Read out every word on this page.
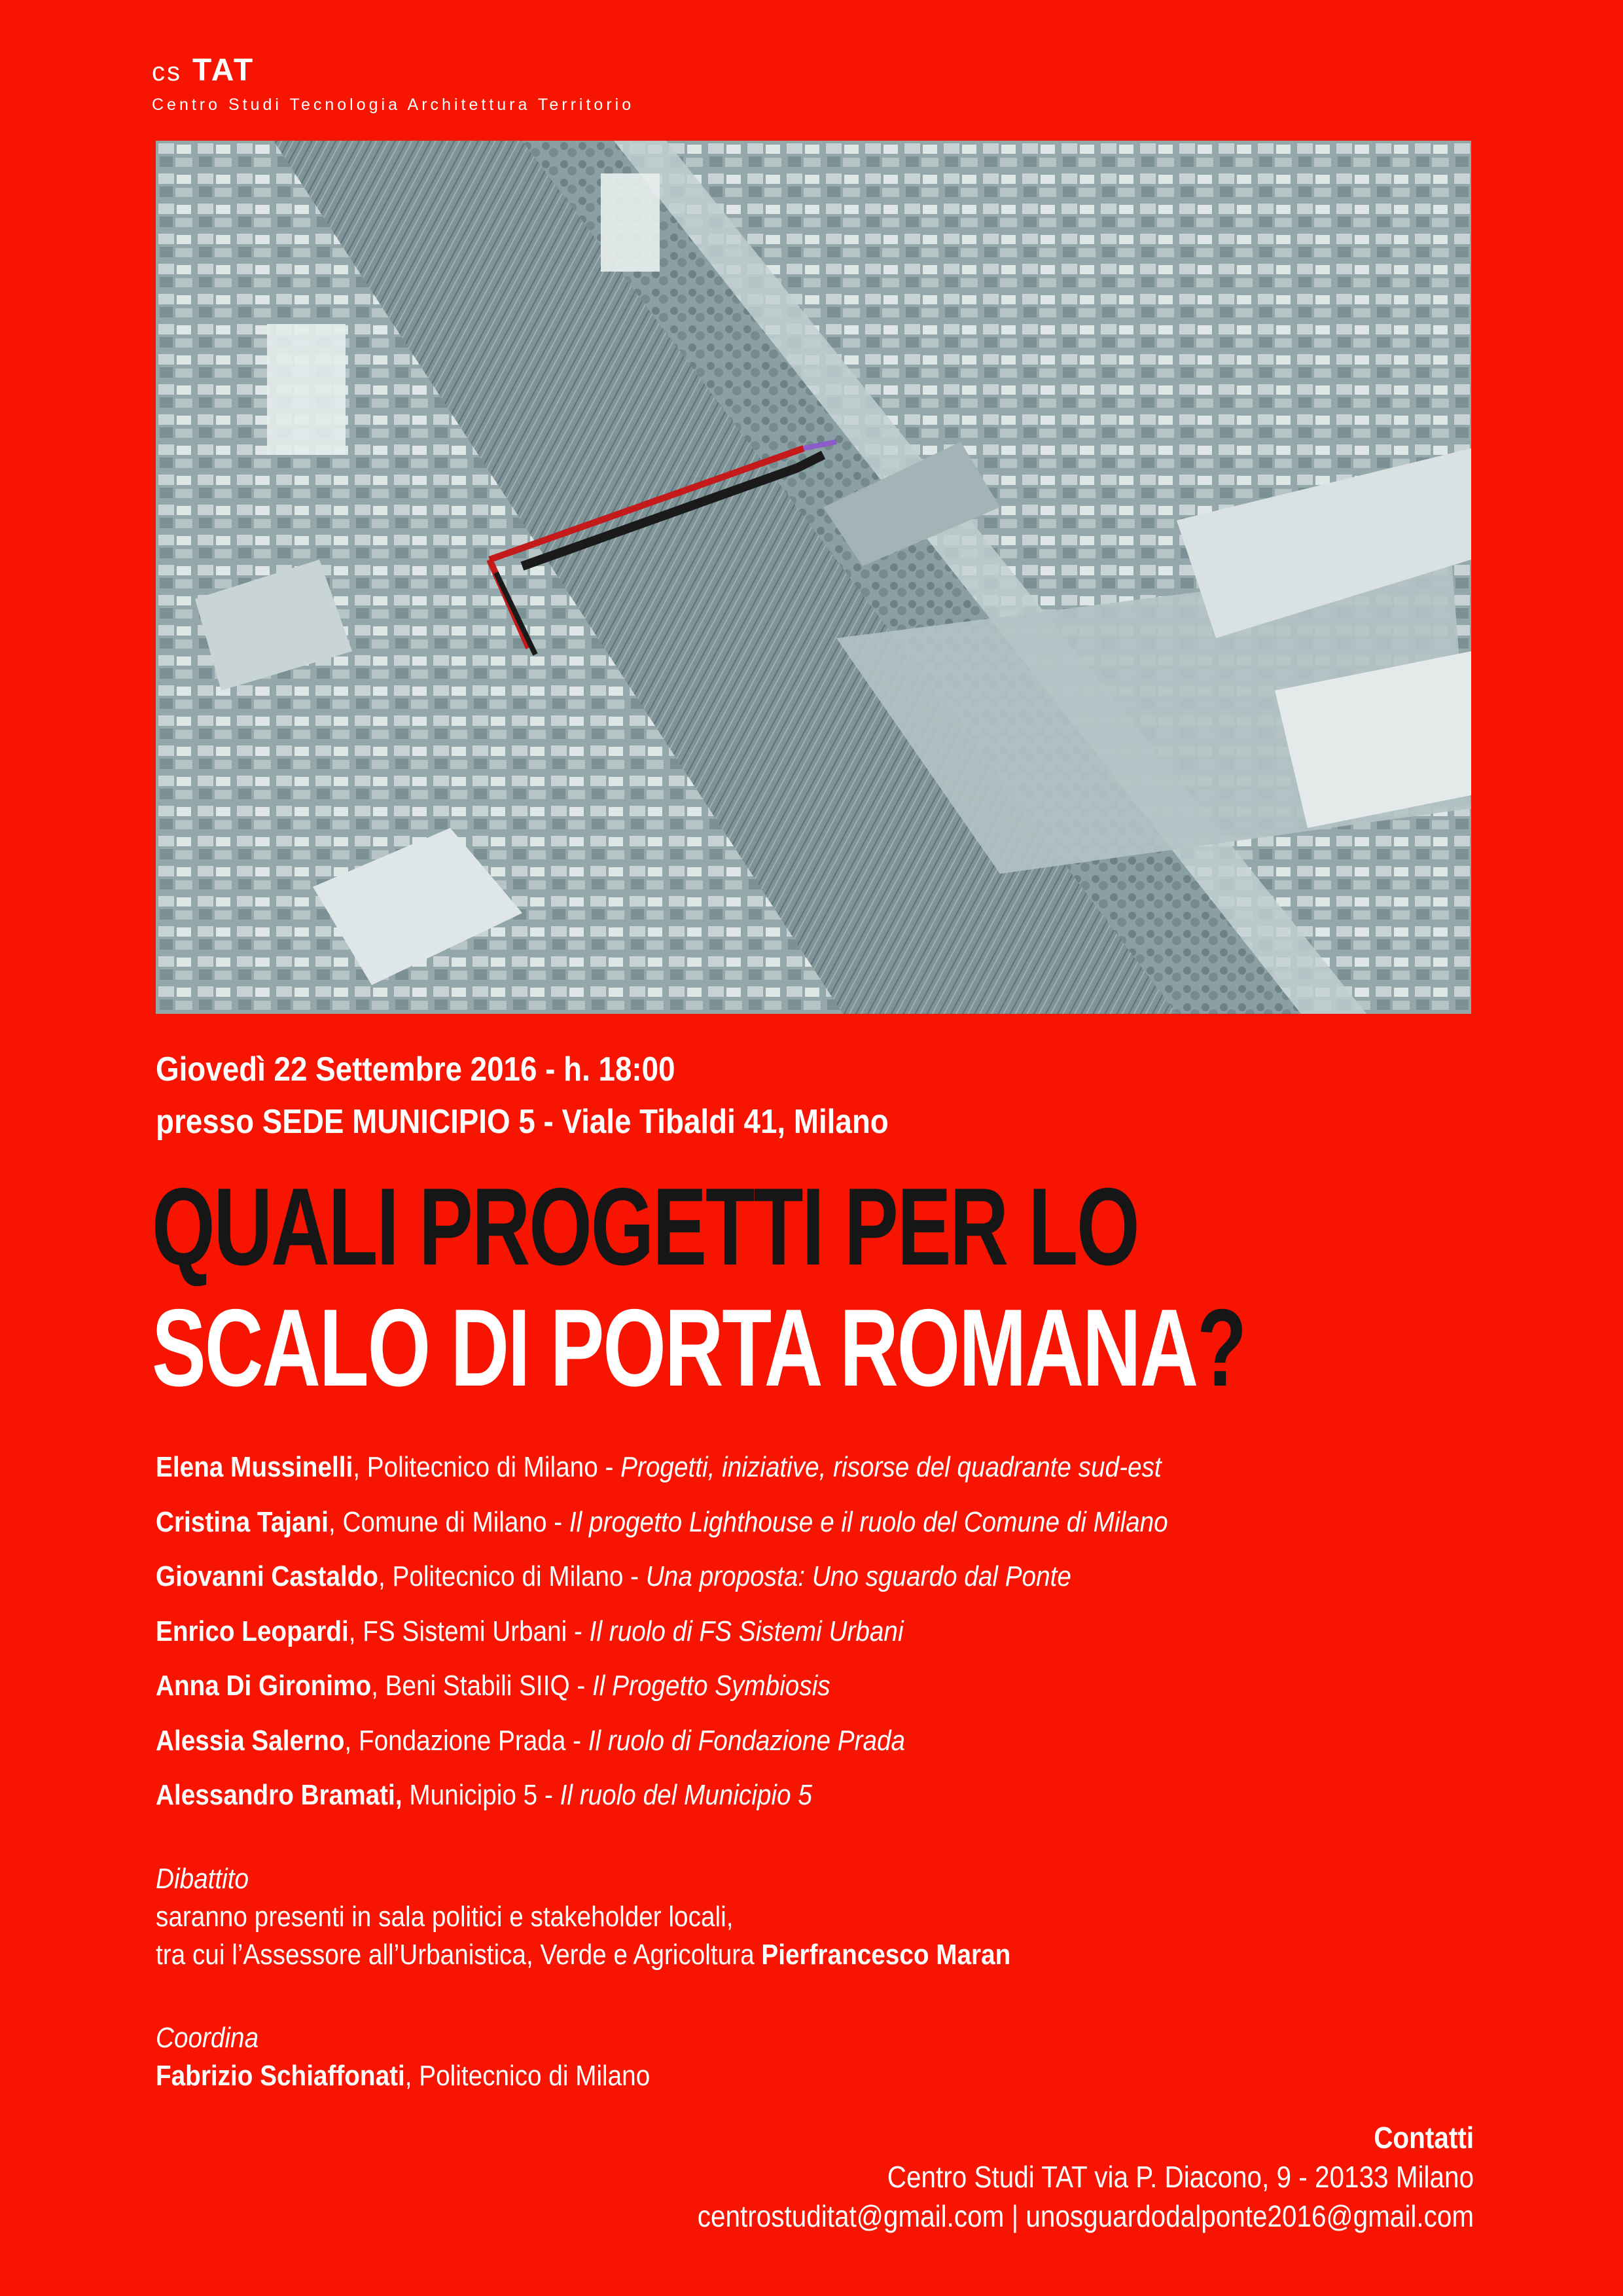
cs TAT
Centro Studi Tecnologia Architettura Territorio
Giovedì 22 Settembre 2016 - h. 18:00
presso SEDE MUNICIPIO 5 - Viale Tibaldi 41, Milano
QUALI PROGETTI PER LO
SCALO DI PORTA ROMANA?
Elena Mussinelli, Politecnico di Milano - Progetti, iniziative, risorse del quadrante sud-est
Cristina Tajani, Comune di Milano - Il progetto Lighthouse e il ruolo del Comune di Milano
Giovanni Castaldo, Politecnico di Milano - Una proposta: Uno sguardo dal Ponte
Enrico Leopardi, FS Sistemi Urbani - Il ruolo di FS Sistemi Urbani
Anna Di Gironimo, Beni Stabili SIIQ - Il Progetto Symbiosis
Alessia Salerno, Fondazione Prada - Il ruolo di Fondazione Prada
Alessandro Bramati, Municipio 5 - Il ruolo del Municipio 5
Dibattito
saranno presenti in sala politici e stakeholder locali,
tra cui l’Assessore all’Urbanistica, Verde e Agricoltura Pierfrancesco Maran
Coordina
Fabrizio Schiaffonati, Politecnico di Milano
Contatti
Centro Studi TAT via P. Diacono, 9 - 20133 Milano
centrostuditat@gmail.com | unosguardodalponte2016@gmail.com
